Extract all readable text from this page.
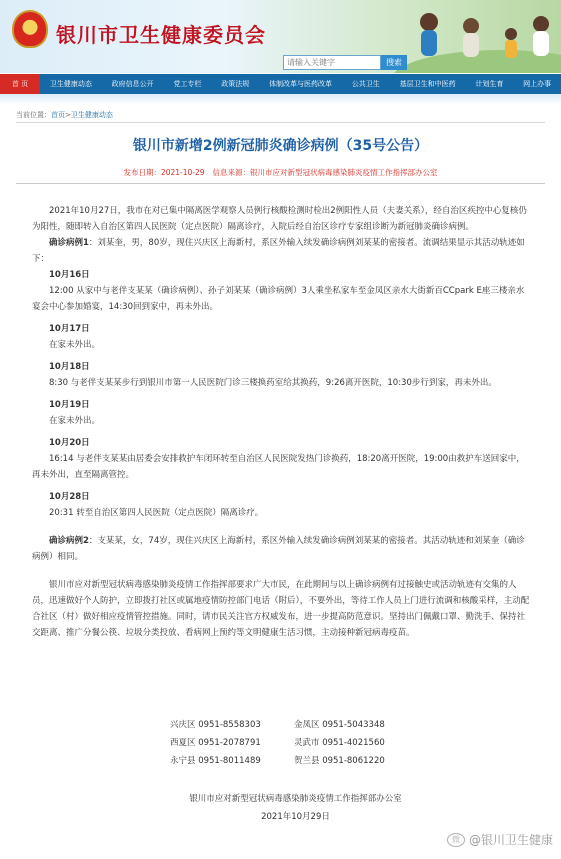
★ 银川市卫生健康委员会
请输入关键字
搜索
首 页	卫生健康动态	政府信息公开	党工专栏	政策法规	体制改革与医药改革	公共卫生	基层卫生和中医药	计划生育	网上办事
当前位置：首页>卫生健康动态
银川市新增2例新冠肺炎确诊病例（35号公告）
发布日期：2021-10-29 信息来源：银川市应对新型冠状病毒感染肺炎疫情工作指挥部办公室

2021年10月27日，我市在对已集中隔离医学观察人员例行核酸检测时检出2例阳性人员（夫妻关系），经自治区疾控中心复核仍为阳性，随即转入自治区第四人民医院（定点医院）隔离诊疗，入院后经自治区诊疗专家组诊断为新冠肺炎确诊病例。

确诊病例1：刘某奎，男，80岁，现住兴庆区上海新村，系区外输入续发确诊病例刘某某的密接者。流调结果显示其活动轨迹如下：

10月16日

12:00 从家中与老伴支某某（确诊病例）、孙子刘某某（确诊病例）3人乘坐私家车至金凤区亲水大街新百CCpark E座三楼亲水宴会中心参加婚宴，14:30回到家中，再未外出。

10月17日

在家未外出。

10月18日

8:30 与老伴支某某步行到银川市第一人民医院门诊三楼换药室给其换药，9:26离开医院，10:30步行到家，再未外出。

10月19日

在家未外出。

10月20日

16:14 与老伴支某某由居委会安排救护车闭环转至自治区人民医院发热门诊换药，18:20离开医院，19:00由救护车送回家中，再未外出，直至隔离管控。

10月28日

20:31 转至自治区第四人民医院（定点医院）隔离诊疗。

确诊病例2：支某某，女，74岁，现住兴庆区上海新村，系区外输入续发确诊病例刘某某的密接者。其活动轨迹和刘某奎（确诊病例）相同。

银川市应对新型冠状病毒感染肺炎疫情工作指挥部要求广大市民，在此期间与以上确诊病例有过接触史或活动轨迹有交集的人员，迅速做好个人防护，立即拨打社区或属地疫情防控部门电话（附后），不要外出，等待工作人员上门进行流调和核酸采样，主动配合社区（村）做好相应疫情管控措施。同时，请市民关注官方权威发布，进一步提高防范意识。坚持出门佩戴口罩、勤洗手、保持社交距离、推广分餐公筷、垃圾分类投放、看病网上预约等文明健康生活习惯，主动接种新冠病毒疫苗。

兴庆区 0951-8558303	金凤区 0951-5043348
西夏区 0951-2078791	灵武市 0951-4021560
永宁县 0951-8011489	贺兰县 0951-8061220
银川市应对新型冠状病毒感染肺炎疫情工作指挥部办公室
2021年10月29日
微 @银川卫生健康
